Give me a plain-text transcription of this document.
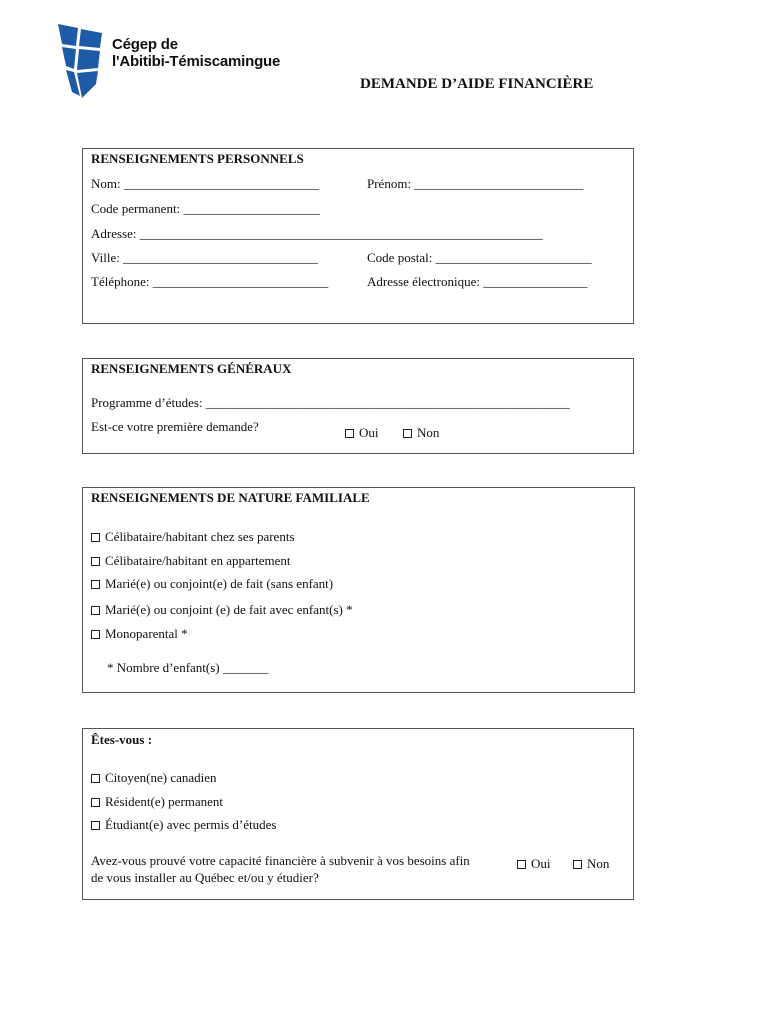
Cégep de
l'Abitibi-Témiscamingue
DEMANDE D’AIDE FINANCIÈRE
RENSEIGNEMENTS PERSONNELS
Nom: ______________________________	Prénom: __________________________
Code permanent: _____________________
Adresse: ______________________________________________________________
Ville: ______________________________	Code postal: ________________________
Téléphone: ___________________________	Adresse électronique: ________________
RENSEIGNEMENTS GÉNÉRAUX
Programme d’études: ________________________________________________________
Est-ce votre première demande?	Oui	Non
RENSEIGNEMENTS DE NATURE FAMILIALE
Célibataire/habitant chez ses parents
Célibataire/habitant en appartement
Marié(e) ou conjoint(e) de fait (sans enfant)
Marié(e) ou conjoint (e) de fait avec enfant(s) *
Monoparental *
* Nombre d’enfant(s) _______
Êtes-vous :
Citoyen(ne) canadien
Résident(e) permanent
Étudiant(e) avec permis d’études
Avez-vous prouvé votre capacité financière à subvenir à vos besoins afin
de vous installer au Québec et/ou y étudier?
Oui	Non
